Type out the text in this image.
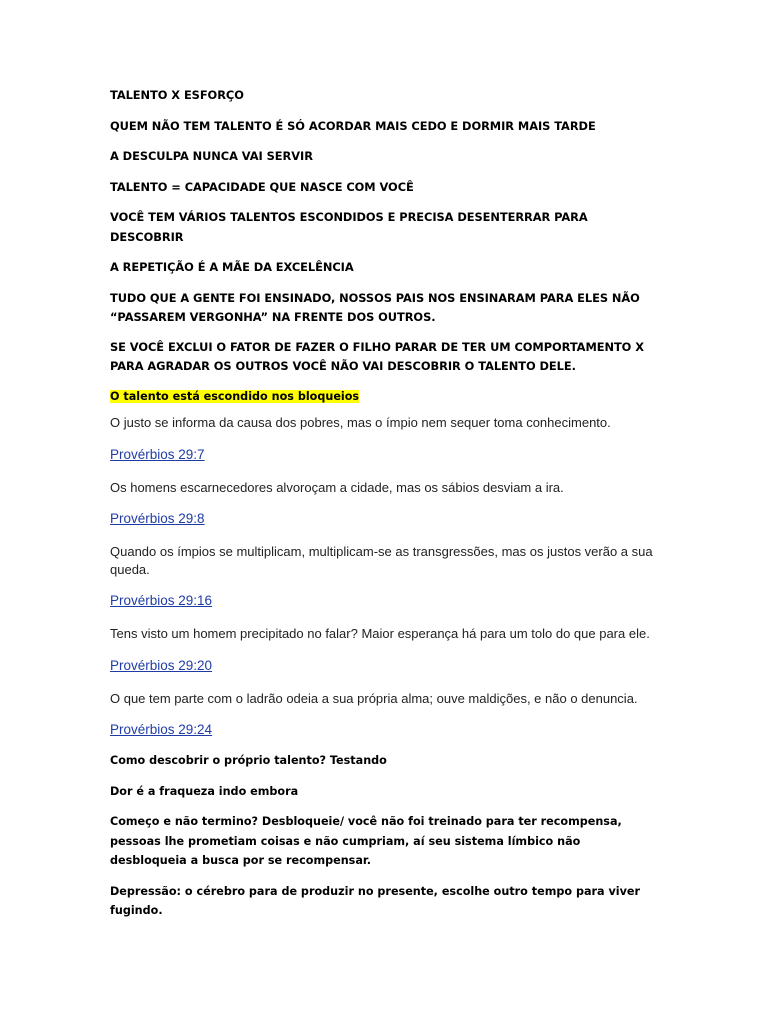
TALENTO X ESFORÇO

QUEM NÃO TEM TALENTO É SÓ ACORDAR MAIS CEDO E DORMIR MAIS TARDE

A DESCULPA NUNCA VAI SERVIR

TALENTO = CAPACIDADE QUE NASCE COM VOCÊ

VOCÊ TEM VÁRIOS TALENTOS ESCONDIDOS E PRECISA DESENTERRAR PARA DESCOBRIR

A REPETIÇÃO É A MÃE DA EXCELÊNCIA

TUDO QUE A GENTE FOI ENSINADO, NOSSOS PAIS NOS ENSINARAM PARA ELES NÃO “PASSAREM VERGONHA” NA FRENTE DOS OUTROS.

SE VOCÊ EXCLUI O FATOR DE FAZER O FILHO PARAR DE TER UM COMPORTAMENTO X PARA AGRADAR OS OUTROS VOCÊ NÃO VAI DESCOBRIR O TALENTO DELE.

O talento está escondido nos bloqueios

O justo se informa da causa dos pobres, mas o ímpio nem sequer toma conhecimento.

Provérbios 29:7

Os homens escarnecedores alvoroçam a cidade, mas os sábios desviam a ira.

Provérbios 29:8

Quando os ímpios se multiplicam, multiplicam-se as transgressões, mas os justos verão a sua queda.

Provérbios 29:16

Tens visto um homem precipitado no falar? Maior esperança há para um tolo do que para ele.

Provérbios 29:20

O que tem parte com o ladrão odeia a sua própria alma; ouve maldições, e não o denuncia.

Provérbios 29:24

Como descobrir o próprio talento? Testando

Dor é a fraqueza indo embora

Começo e não termino? Desbloqueie/ você não foi treinado para ter recompensa, pessoas lhe prometiam coisas e não cumpriam, aí seu sistema límbico não desbloqueia a busca por se recompensar.

Depressão: o cérebro para de produzir no presente, escolhe outro tempo para viver fugindo.
